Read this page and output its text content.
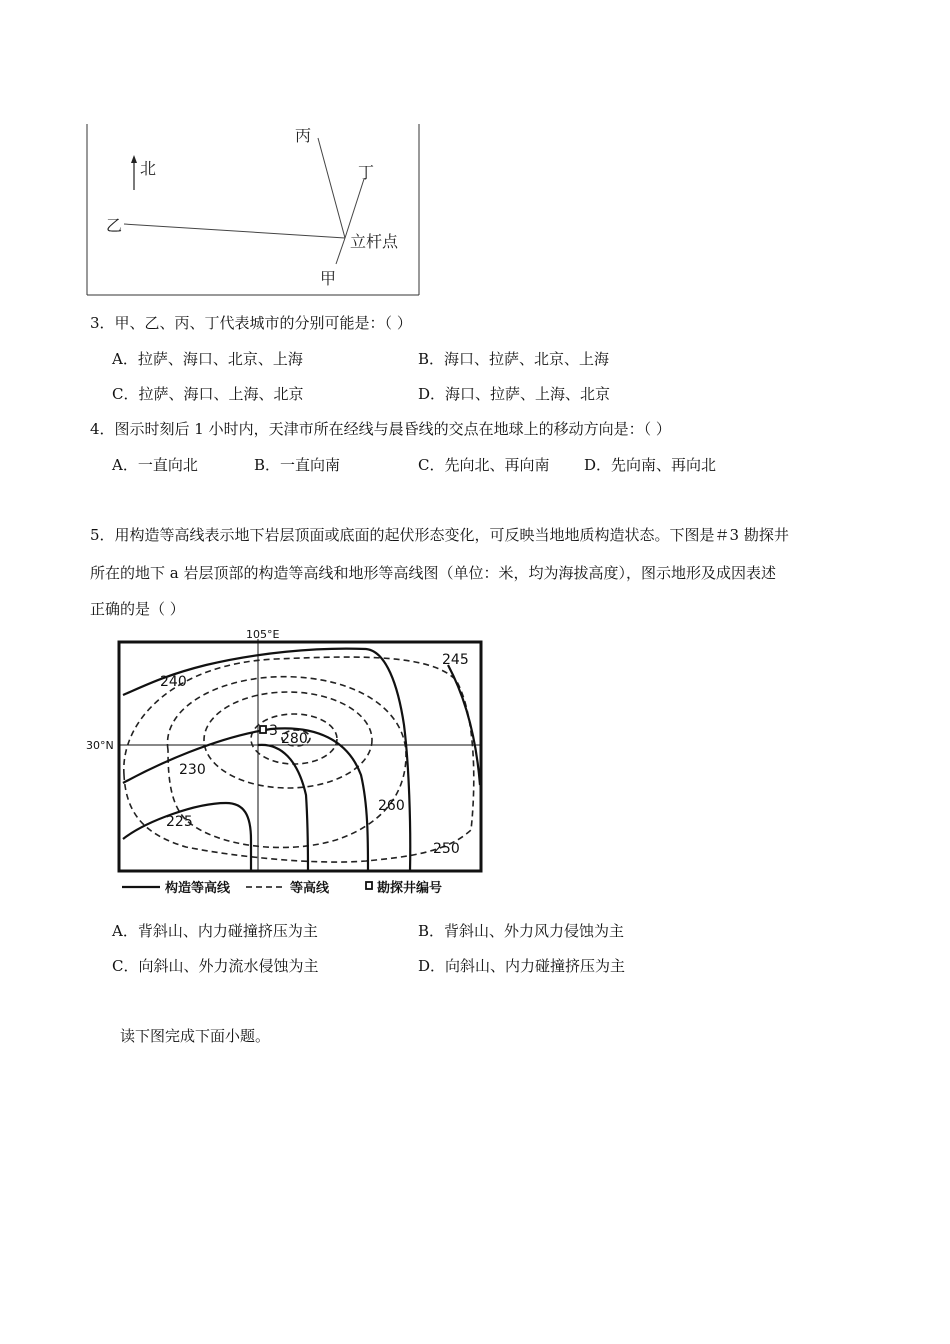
北
丙
丁
乙
立杆点
甲
3．甲、乙、丙、丁代表城市的分别可能是：（ ）
A．拉萨、海口、北京、上海	B．海口、拉萨、北京、上海
C．拉萨、海口、上海、北京	D．海口、拉萨、上海、北京
4．图示时刻后 1 小时内，天津市所在经线与晨昏线的交点在地球上的移动方向是：（ ）
A．一直向北	B．一直向南	C．先向北、再向南 D．先向南、再向北
5．用构造等高线表示地下岩层顶面或底面的起伏形态变化，可反映当地地质构造状态。下图是＃3 勘探井
所在的地下 a 岩层顶部的构造等高线和地形等高线图（单位：米，均为海拔高度），图示地形及成因表述
正确的是（ ）
105°E
30°N
240
245
3 280
230
260
225
250
构造等高线	等高线	勘探井编号
A．背斜山、内力碰撞挤压为主	B．背斜山、外力风力侵蚀为主
C．向斜山、外力流水侵蚀为主	D．向斜山、内力碰撞挤压为主
读下图完成下面小题。
